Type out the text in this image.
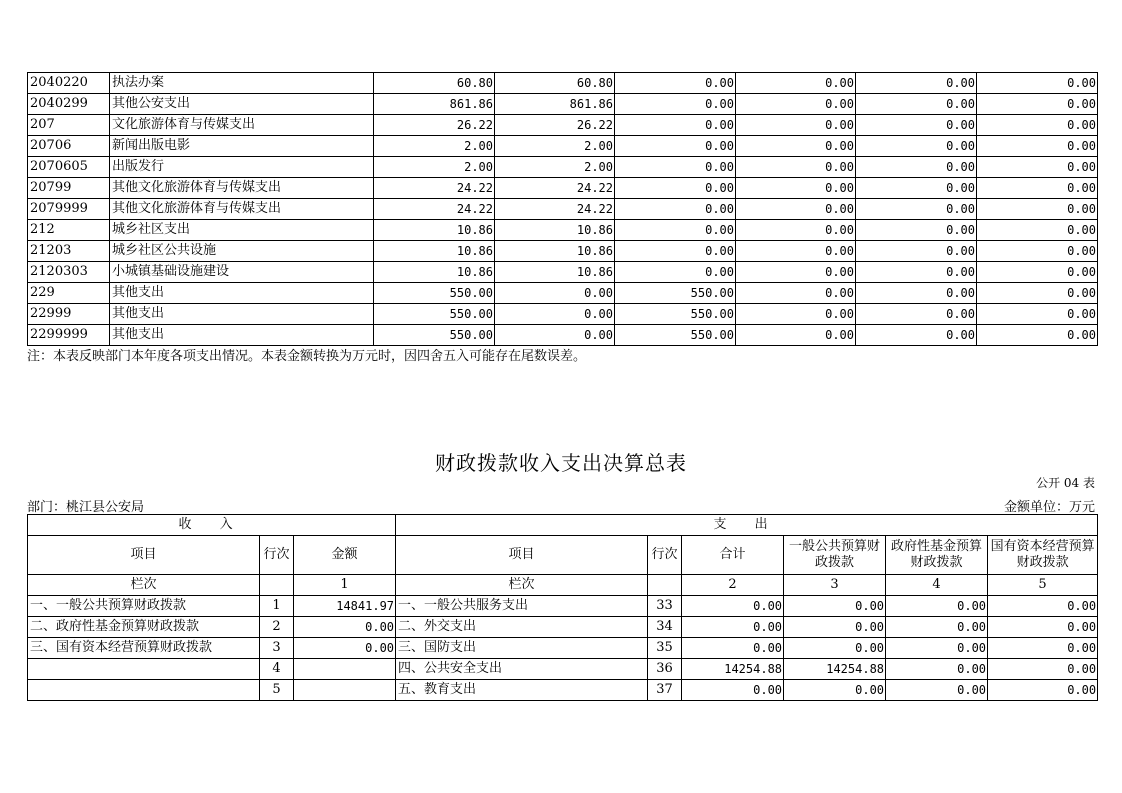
2040220	执法办案	60.80	60.80	0.00	0.00	0.00	0.00
2040299	其他公安支出	861.86	861.86	0.00	0.00	0.00	0.00
207	文化旅游体育与传媒支出	26.22	26.22	0.00	0.00	0.00	0.00
20706	新闻出版电影	2.00	2.00	0.00	0.00	0.00	0.00
2070605	出版发行	2.00	2.00	0.00	0.00	0.00	0.00
20799	其他文化旅游体育与传媒支出	24.22	24.22	0.00	0.00	0.00	0.00
2079999	其他文化旅游体育与传媒支出	24.22	24.22	0.00	0.00	0.00	0.00
212	城乡社区支出	10.86	10.86	0.00	0.00	0.00	0.00
21203	城乡社区公共设施	10.86	10.86	0.00	0.00	0.00	0.00
2120303	小城镇基础设施建设	10.86	10.86	0.00	0.00	0.00	0.00
229	其他支出	550.00	0.00	550.00	0.00	0.00	0.00
22999	其他支出	550.00	0.00	550.00	0.00	0.00	0.00
2299999	其他支出	550.00	0.00	550.00	0.00	0.00	0.00
注：本表反映部门本年度各项支出情况。本表金额转换为万元时，因四舍五入可能存在尾数误差。
财政拨款收入支出决算总表
公开 04 表
部门：桃江县公安局	金额单位：万元
收 入			支 出					
项目	行次	金额	项目	行次	合计	一般公共预算财政拨款	政府性基金预算财政拨款	国有资本经营预算财政拨款
栏次		1	栏次		2	3	4	5
一、一般公共预算财政拨款	1	14841.97	一、一般公共服务支出	33	0.00	0.00	0.00	0.00
二、政府性基金预算财政拨款	2	0.00	二、外交支出	34	0.00	0.00	0.00	0.00
三、国有资本经营预算财政拨款	3	0.00	三、国防支出	35	0.00	0.00	0.00	0.00
	4		四、公共安全支出	36	14254.88	14254.88	0.00	0.00
	5		五、教育支出	37	0.00	0.00	0.00	0.00
